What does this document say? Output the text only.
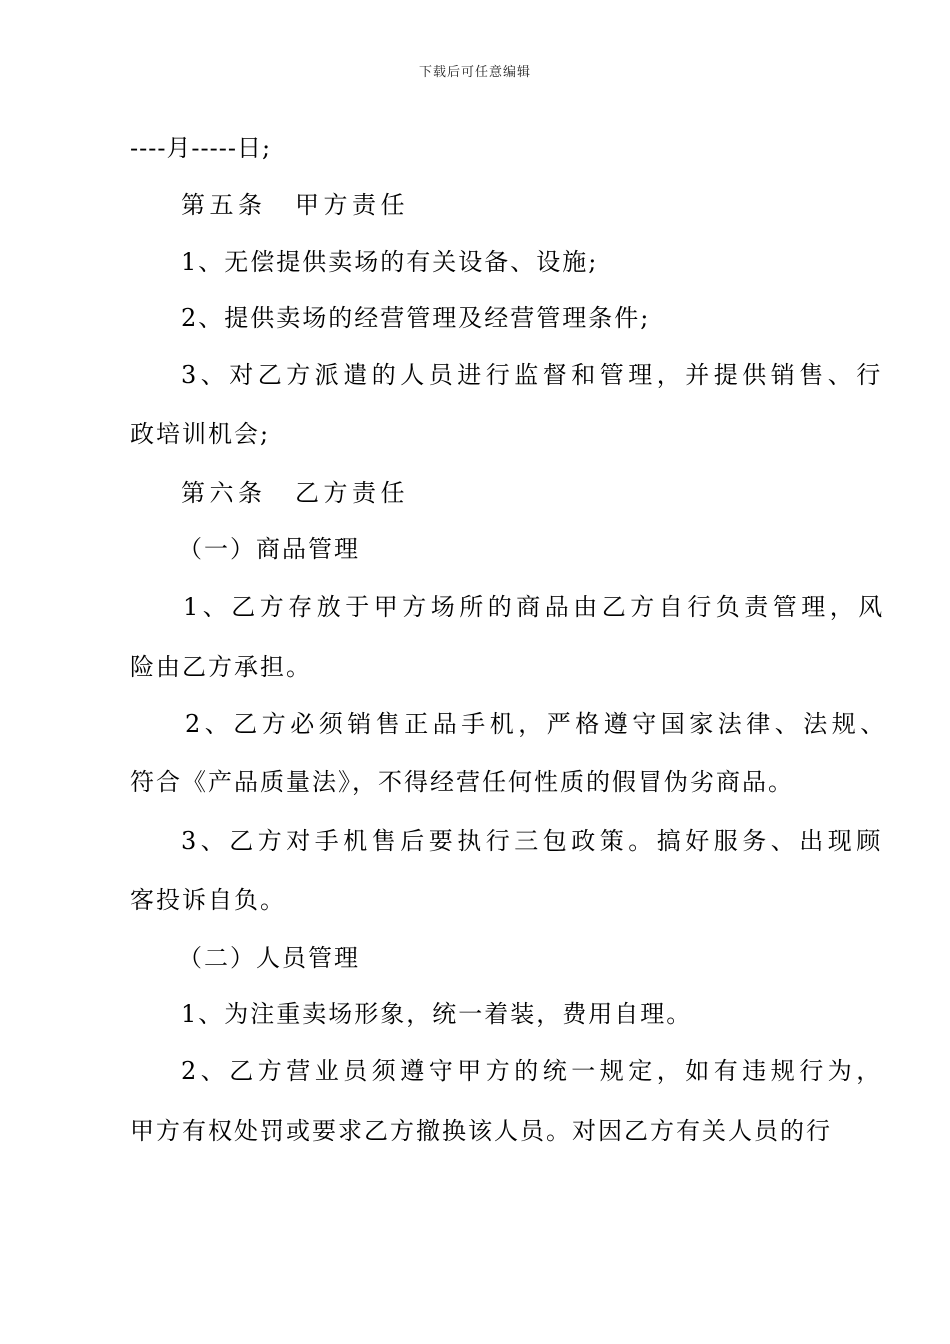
下载后可任意编辑
----月-----日;
第五条　甲方责任
1、无偿提供卖场的有关设备、设施;
2、提供卖场的经营管理及经营管理条件;
3、对乙方派遣的人员进行监督和管理，并提供销售、行
政培训机会;
第六条　乙方责任
（一）商品管理
1、乙方存放于甲方场所的商品由乙方自行负责管理，风
险由乙方承担。
2、乙方必须销售正品手机，严格遵守国家法律、法规、
符合《产品质量法》，不得经营任何性质的假冒伪劣商品。
3、乙方对手机售后要执行三包政策。搞好服务、出现顾
客投诉自负。
（二）人员管理
1、为注重卖场形象，统一着装，费用自理。
2、乙方营业员须遵守甲方的统一规定，如有违规行为，
甲方有权处罚或要求乙方撤换该人员。对因乙方有关人员的行
